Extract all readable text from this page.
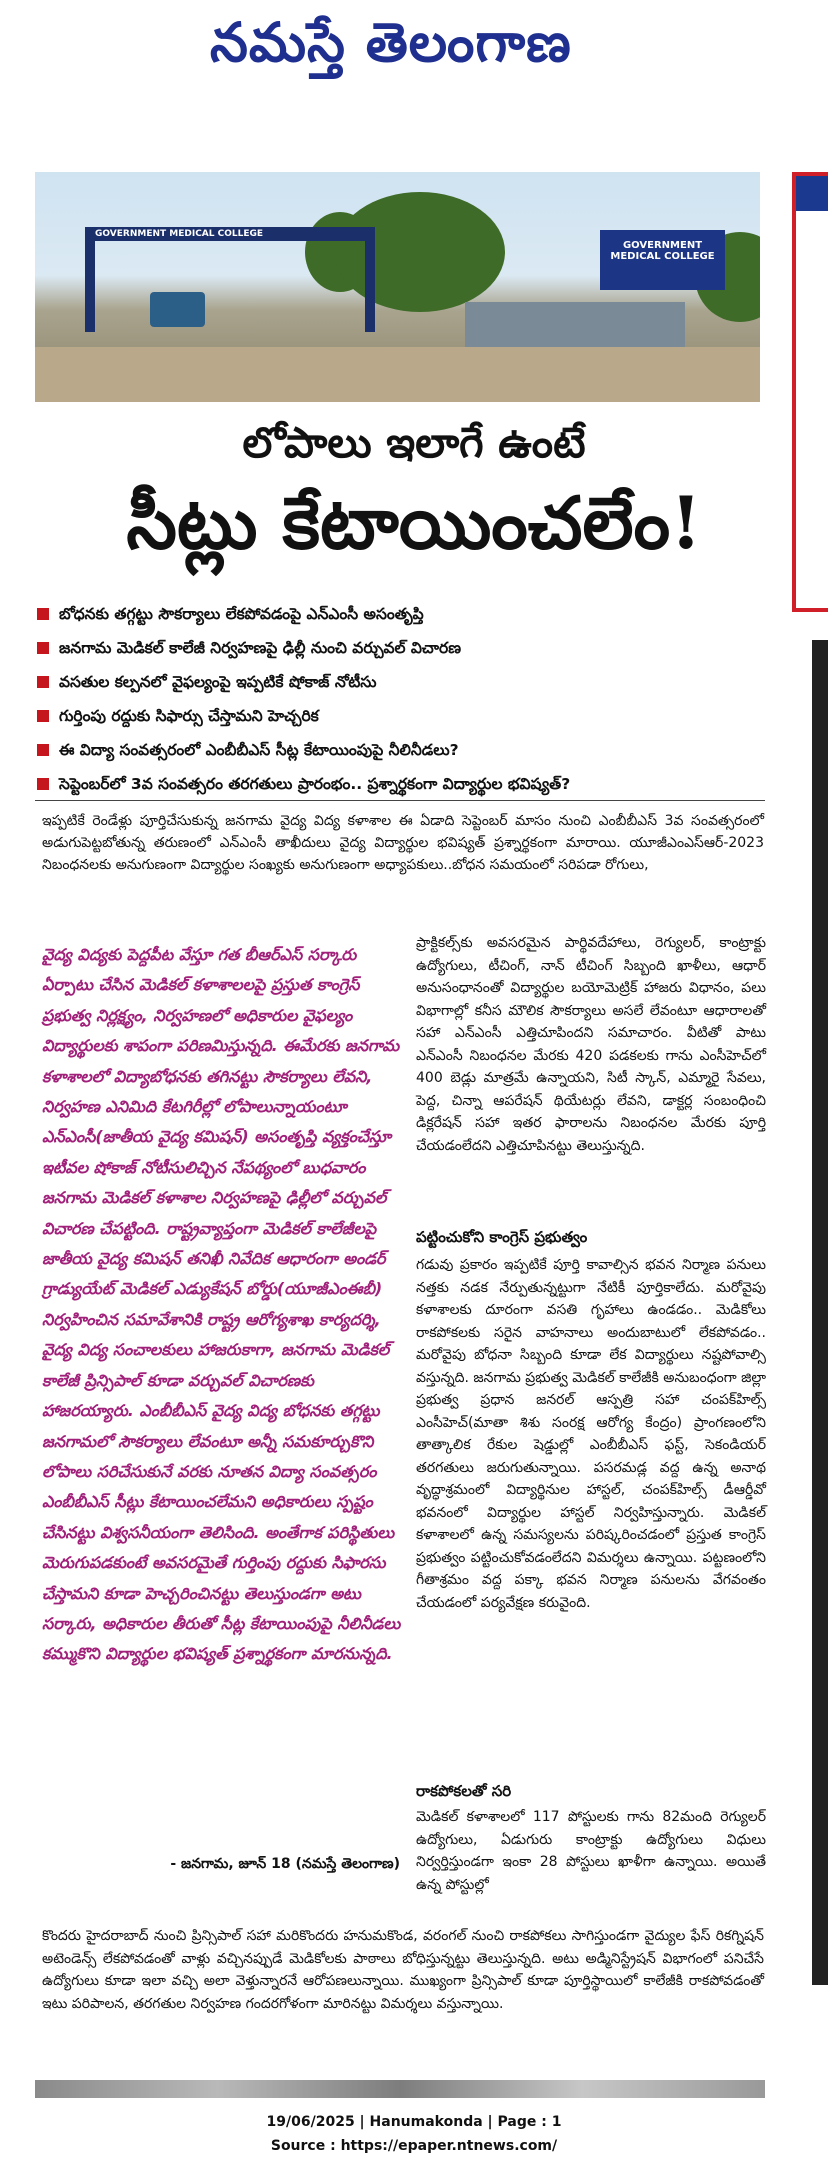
నమస్తే తెలంగాణ
GOVERNMENT MEDICAL COLLEGE
GOVERNMENT MEDICAL COLLEGE
లోపాలు ఇలాగే ఉంటే
సీట్లు కేటాయించలేం!
బోధనకు తగ్గట్టు సౌకర్యాలు లేకపోవడంపై ఎన్ఎంసీ అసంతృప్తి
జనగామ మెడికల్ కాలేజీ నిర్వహణపై ఢిల్లీ నుంచి వర్చువల్ విచారణ
వసతుల కల్పనలో వైఫల్యంపై ఇప్పటికే షోకాజ్ నోటీసు
గుర్తింపు రద్దుకు సిఫార్సు చేస్తామని హెచ్చరిక
ఈ విద్యా సంవత్సరంలో ఎంబీబీఎస్ సీట్ల కేటాయింపుపై నీలినీడలు?
సెప్టెంబర్‌లో 3వ సంవత్సరం తరగతులు ప్రారంభం.. ప్రశ్నార్థకంగా విద్యార్థుల భవిష్యత్?

ఇప్పటికే రెండేళ్లు పూర్తిచేసుకున్న జనగామ వైద్య విద్య కళాశాల ఈ ఏడాది సెప్టెంబర్ మాసం నుంచి ఎంబీబీఎస్ 3వ సంవత్సరంలో అడుగుపెట్టబోతున్న తరుణంలో ఎన్ఎంసీ తాఖీదులు వైద్య విద్యార్థుల భవిష్యత్ ప్రశ్నార్థకంగా మారాయి. యూజీఎంఎస్ఆర్-2023 నిబంధనలకు అనుగుణంగా విద్యార్థుల సంఖ్యకు అనుగుణంగా అధ్యాపకులు..బోధన సమయంలో సరిపడా రోగులు,

వైద్య విద్యకు పెద్దపీట వేస్తూ గత బీఆర్ఎస్ సర్కారు ఏర్పాటు చేసిన మెడికల్ కళాశాలలపై ప్రస్తుత కాంగ్రెస్ ప్రభుత్వ నిర్లక్ష్యం, నిర్వహణలో అధికారుల వైఫల్యం విద్యార్థులకు శాపంగా పరిణమిస్తున్నది. ఈమేరకు జనగామ కళాశాలలో విద్యాబోధనకు తగినట్టు సౌకర్యాలు లేవని, నిర్వహణ ఎనిమిది కేటగిరీల్లో లోపాలున్నాయంటూ ఎన్ఎంసీ(జాతీయ వైద్య కమిషన్) అసంతృప్తి వ్యక్తంచేస్తూ ఇటీవల షోకాజ్ నోటీసులిచ్చిన నేపథ్యంలో బుధవారం జనగామ మెడికల్ కళాశాల నిర్వహణపై ఢిల్లీలో వర్చువల్ విచారణ చేపట్టింది. రాష్ట్రవ్యాప్తంగా మెడికల్ కాలేజీలపై జాతీయ వైద్య కమిషన్ తనిఖీ నివేదిక ఆధారంగా అండర్ గ్రాడ్యుయేట్ మెడికల్ ఎడ్యుకేషన్ బోర్డు(యూజీఎంఈబీ) నిర్వహించిన సమావేశానికి రాష్ట్ర ఆరోగ్యశాఖ కార్యదర్శి, వైద్య విద్య సంచాలకులు హాజరుకాగా, జనగామ మెడికల్ కాలేజీ ప్రిన్సిపాల్ కూడా వర్చువల్ విచారణకు హాజరయ్యారు. ఎంబీబీఎస్ వైద్య విద్య బోధనకు తగ్గట్టు జనగామలో సౌకర్యాలు లేవంటూ అన్నీ సమకూర్చుకొని లోపాలు సరిచేసుకునే వరకు నూతన విద్యా సంవత్సరం ఎంబీబీఎస్ సీట్లు కేటాయించలేమని అధికారులు స్పష్టం చేసినట్టు విశ్వసనీయంగా తెలిసింది. అంతేగాక పరిస్థితులు మెరుగుపడకుంటే అవసరమైతే గుర్తింపు రద్దుకు సిఫారసు చేస్తామని కూడా హెచ్చరించినట్టు తెలుస్తుండగా అటు సర్కారు, అధికారుల తీరుతో సీట్ల కేటాయింపుపై నీలినీడలు కమ్ముకొని విద్యార్థుల భవిష్యత్ ప్రశ్నార్థకంగా మారనున్నది.

- జనగామ, జూన్ 18 (నమస్తే తెలంగాణ)

ప్రాక్టికల్స్‌కు అవసరమైన పార్థివదేహాలు, రెగ్యులర్, కాంట్రాక్టు ఉద్యోగులు, టీచింగ్, నాన్ టీచింగ్ సిబ్బంది ఖాళీలు, ఆధార్ అనుసంధానంతో విద్యార్థుల బయోమెట్రిక్ హాజరు విధానం, పలు విభాగాల్లో కనీస మౌలిక సౌకర్యాలు అసలే లేవంటూ ఆధారాలతో సహా ఎన్ఎంసీ ఎత్తిచూపిందని సమాచారం. వీటితో పాటు ఎన్ఎంసీ నిబంధనల మేరకు 420 పడకలకు గాను ఎంసీహెచ్‌లో 400 బెడ్లు మాత్రమే ఉన్నాయని, సిటీ స్కాన్, ఎమ్మారై సేవలు, పెద్ద, చిన్నా ఆపరేషన్ థియేటర్లు లేవని, డాక్టర్ల సంబంధించి డిక్లరేషన్ సహా ఇతర ఫారాలను నిబంధనల మేరకు పూర్తి చేయడంలేదని ఎత్తిచూపినట్టు తెలుస్తున్నది.

పట్టించుకోని కాంగ్రెస్ ప్రభుత్వం

గడువు ప్రకారం ఇప్పటికే పూర్తి కావాల్సిన భవన నిర్మాణ పనులు నత్తకు నడక నేర్పుతున్నట్టుగా నేటికీ పూర్తికాలేదు. మరోవైపు కళాశాలకు దూరంగా వసతి గృహాలు ఉండడం.. మెడికోలు రాకపోకలకు సరైన వాహనాలు అందుబాటులో లేకపోవడం.. మరోవైపు బోధనా సిబ్బంది కూడా లేక విద్యార్థులు నష్టపోవాల్సి వస్తున్నది. జనగామ ప్రభుత్వ మెడికల్ కాలేజీకి అనుబంధంగా జిల్లా ప్రభుత్వ ప్రధాన జనరల్ ఆస్పత్రి సహా చంపక్‌హిల్స్ ఎంసీహెచ్(మాతా శిశు సంరక్ష ఆరోగ్య కేంద్రం) ప్రాంగణంలోని తాత్కాలిక రేకుల షెడ్డుల్లో ఎంబీబీఎస్ ఫస్ట్, సెకండియర్ తరగతులు జరుగుతున్నాయి. పసరమడ్ల వద్ద ఉన్న అనాథ వృద్ధాశ్రమంలో విద్యార్థినుల హాస్టల్, చంపక్‌హిల్స్ డీఆర్డీవో భవనంలో విద్యార్థుల హాస్టల్ నిర్వహిస్తున్నారు. మెడికల్ కళాశాలలో ఉన్న సమస్యలను పరిష్కరించడంలో ప్రస్తుత కాంగ్రెస్ ప్రభుత్వం పట్టించుకోవడంలేదని విమర్శలు ఉన్నాయి. పట్టణంలోని గీతాశ్రమం వద్ద పక్కా భవన నిర్మాణ పనులను వేగవంతం చేయడంలో పర్యవేక్షణ కరువైంది.

రాకపోకలతో సరి

మెడికల్ కళాశాలలో 117 పోస్టులకు గాను 82మంది రెగ్యులర్ ఉద్యోగులు, ఏడుగురు కాంట్రాక్టు ఉద్యోగులు విధులు నిర్వర్తిస్తుండగా ఇంకా 28 పోస్టులు ఖాళీగా ఉన్నాయి. అయితే ఉన్న పోస్టుల్లో

కొందరు హైదరాబాద్ నుంచి ప్రిన్సిపాల్ సహా మరికొందరు హనుమకొండ, వరంగల్ నుంచి రాకపోకలు సాగిస్తుండగా వైద్యుల ఫేస్ రికగ్నిషన్ అటెండెన్స్ లేకపోవడంతో వాళ్లు వచ్చినప్పుడే మెడికోలకు పాఠాలు బోధిస్తున్నట్టు తెలుస్తున్నది. అటు అడ్మినిస్ట్రేషన్ విభాగంలో పనిచేసే ఉద్యోగులు కూడా ఇలా వచ్చి అలా వెళ్తున్నారనే ఆరోపణలున్నాయి. ముఖ్యంగా ప్రిన్సిపాల్ కూడా పూర్తిస్థాయిలో కాలేజీకి రాకపోవడంతో ఇటు పరిపాలన, తరగతుల నిర్వహణ గందరగోళంగా మారినట్టు విమర్శలు వస్తున్నాయి.

19/06/2025 | Hanumakonda | Page : 1
Source : https://epaper.ntnews.com/
